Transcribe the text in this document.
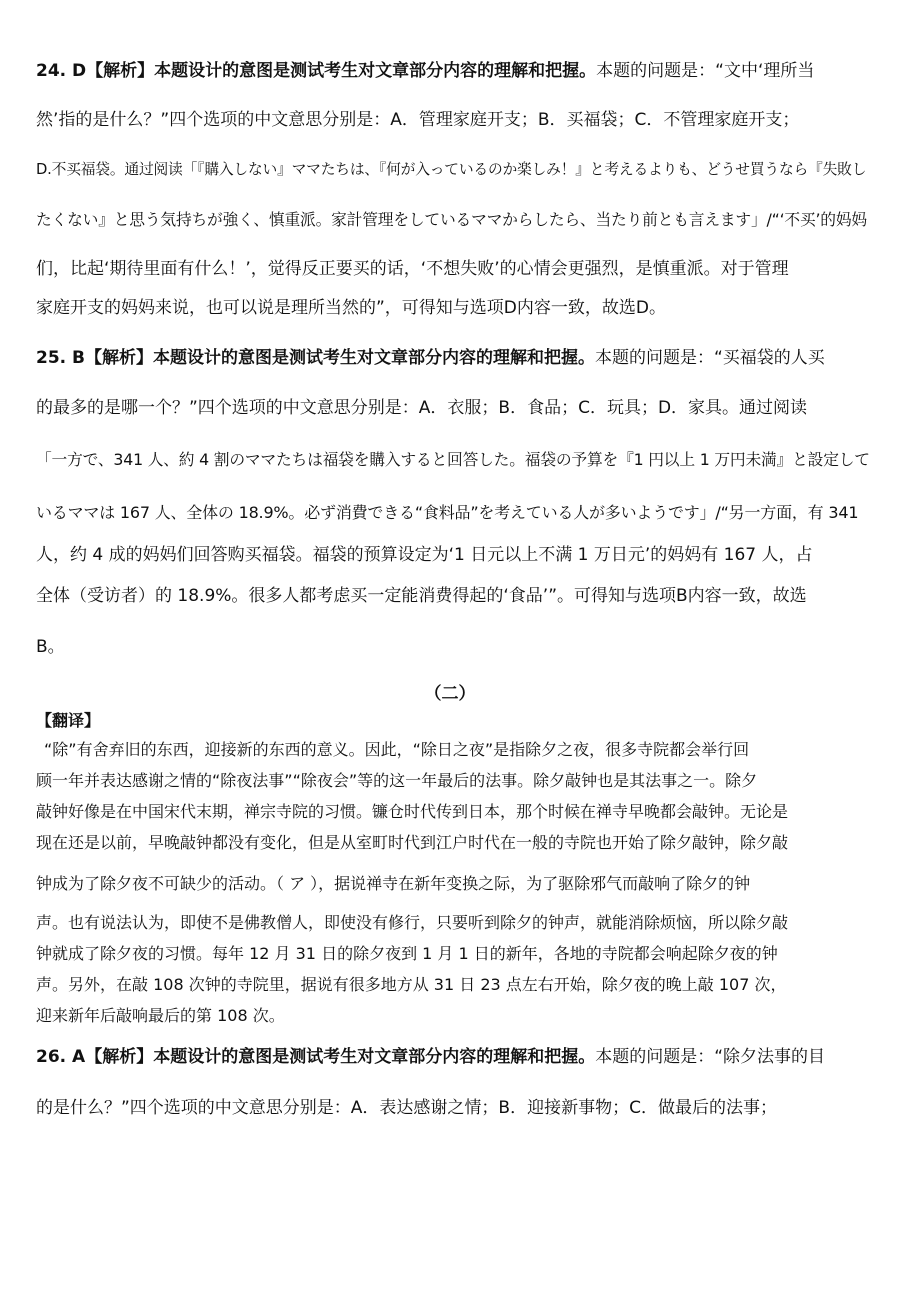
24. D【解析】本题设计的意图是测试考生对文章部分内容的理解和把握。本题的问题是：“文中‘理所当
然’指的是什么？”四个选项的中文意思分别是：A．管理家庭开支；B．买福袋；C．不管理家庭开支；
D.不买福袋。通过阅读「『購入しない』ママたちは、『何が入っているのか楽しみ！』と考えるよりも、どうせ買うなら『失敗し
たくない』と思う気持ちが強く、慎重派。家計管理をしているママからしたら、当たり前とも言えます」/“‘不买’的妈妈
们，比起‘期待里面有什么！’，觉得反正要买的话，‘不想失败’的心情会更强烈，是慎重派。对于管理
家庭开支的妈妈来说，也可以说是理所当然的”，可得知与选项D内容一致，故选D。
25. B【解析】本题设计的意图是测试考生对文章部分内容的理解和把握。本题的问题是：“买福袋的人买
的最多的是哪一个？”四个选项的中文意思分别是：A．衣服；B．食品；C．玩具；D．家具。通过阅读
「一方で、341 人、約 4 割のママたちは福袋を購入すると回答した。福袋の予算を『1 円以上 1 万円未満』と設定して
いるママは 167 人、全体の 18.9%。必ず消費できる“食料品”を考えている人が多いようです」/“另一方面，有 341
人，约 4 成的妈妈们回答购买福袋。福袋的预算设定为‘1 日元以上不满 1 万日元’的妈妈有 167 人，占
全体（受访者）的 18.9%。很多人都考虑买一定能消费得起的‘食品’”。可得知与选项B内容一致，故选
B。
（二）
【翻译】
“除”有舍弃旧的东西，迎接新的东西的意义。因此，“除日之夜”是指除夕之夜，很多寺院都会举行回
顾一年并表达感谢之情的“除夜法事”“除夜会”等的这一年最后的法事。除夕敲钟也是其法事之一。除夕
敲钟好像是在中国宋代末期，禅宗寺院的习惯。镰仓时代传到日本，那个时候在禅寺早晚都会敲钟。无论是
现在还是以前，早晚敲钟都没有变化，但是从室町时代到江户时代在一般的寺院也开始了除夕敲钟，除夕敲
钟成为了除夕夜不可缺少的活动。（ ア ），据说禅寺在新年变换之际，为了驱除邪气而敲响了除夕的钟
声。也有说法认为，即使不是佛教僧人，即使没有修行，只要听到除夕的钟声，就能消除烦恼，所以除夕敲
钟就成了除夕夜的习惯。每年 12 月 31 日的除夕夜到 1 月 1 日的新年，各地的寺院都会响起除夕夜的钟
声。另外，在敲 108 次钟的寺院里，据说有很多地方从 31 日 23 点左右开始，除夕夜的晚上敲 107 次，
迎来新年后敲响最后的第 108 次。
26. A【解析】本题设计的意图是测试考生对文章部分内容的理解和把握。本题的问题是：“除夕法事的目
的是什么？”四个选项的中文意思分别是：A．表达感谢之情；B．迎接新事物；C．做最后的法事；
